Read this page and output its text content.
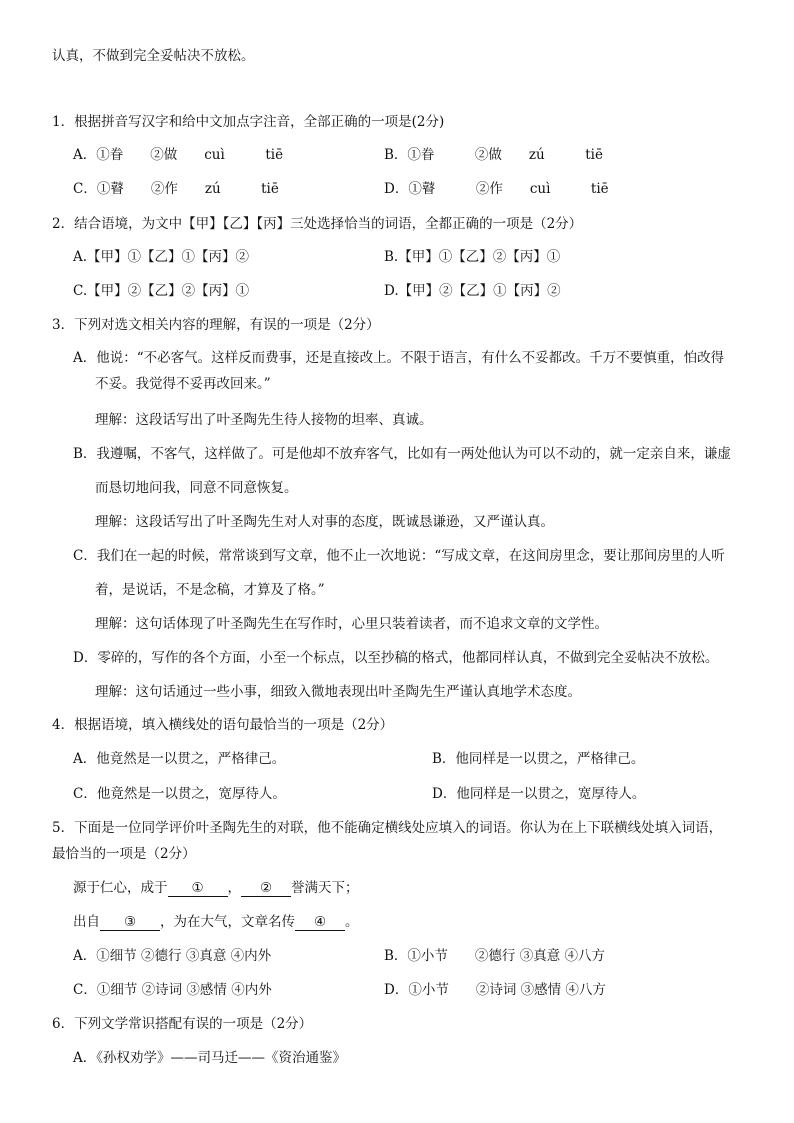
认真，不做到完全妥帖决不放松。
1．根据拼音写汉字和给中文加点字注音，全部正确的一项是(2分)
A．①眷　　②做　　cuì　　　tiē	B．①眷　　　②做　　zú　　　tiē
C．①瞽　　②作　　zú　　　tiē	D．①瞽　　　②作　　cuì　　　tiē
2．结合语境，为文中【甲】【乙】【丙】三处选择恰当的词语，全都正确的一项是（2分）
A.【甲】①【乙】①【丙】②	B.【甲】①【乙】②【丙】①
C.【甲】②【乙】②【丙】①	D.【甲】②【乙】①【丙】②
3．下列对选文相关内容的理解，有误的一项是（2分）
A．他说：“不必客气。这样反而费事，还是直接改上。不限于语言，有什么不妥都改。千万不要慎重，怕改得
不妥。我觉得不妥再改回来。”
理解：这段话写出了叶圣陶先生待人接物的坦率、真诚。
B．我遵嘱，不客气，这样做了。可是他却不放弃客气，比如有一两处他认为可以不动的，就一定亲自来，谦虚
而恳切地问我，同意不同意恢复。
理解：这段话写出了叶圣陶先生对人对事的态度，既诚恳谦逊，又严谨认真。
C．我们在一起的时候，常常谈到写文章，他不止一次地说：“写成文章，在这间房里念，要让那间房里的人听
着，是说话，不是念稿，才算及了格。”
理解：这句话体现了叶圣陶先生在写作时，心里只装着读者，而不追求文章的文学性。
D．零碎的，写作的各个方面，小至一个标点，以至抄稿的格式，他都同样认真，不做到完全妥帖决不放松。
理解：这句话通过一些小事，细致入微地表现出叶圣陶先生严谨认真地学术态度。
4．根据语境，填入横线处的语句最恰当的一项是（2分）
A．他竟然是一以贯之，严格律己。	B．他同样是一以贯之，严格律己。
C．他竟然是一以贯之，宽厚待人。	D．他同样是一以贯之，宽厚待人。
5．下面是一位同学评价叶圣陶先生的对联，他不能确定横线处应填入的词语。你认为在上下联横线处填入词语，
最恰当的一项是（2分）
源于仁心，成于 ① ， ② 誉满天下；
出自 ③ ，为在大气，文章名传 ④ 。
A．①细节 ②德行 ③真意 ④内外	B．①小节　　②德行 ③真意 ④八方
C．①细节 ②诗词 ③感情 ④内外	D．①小节　　②诗词 ③感情 ④八方
6．下列文学常识搭配有误的一项是（2分）
A．《孙权劝学》——司马迁——《资治通鉴》
